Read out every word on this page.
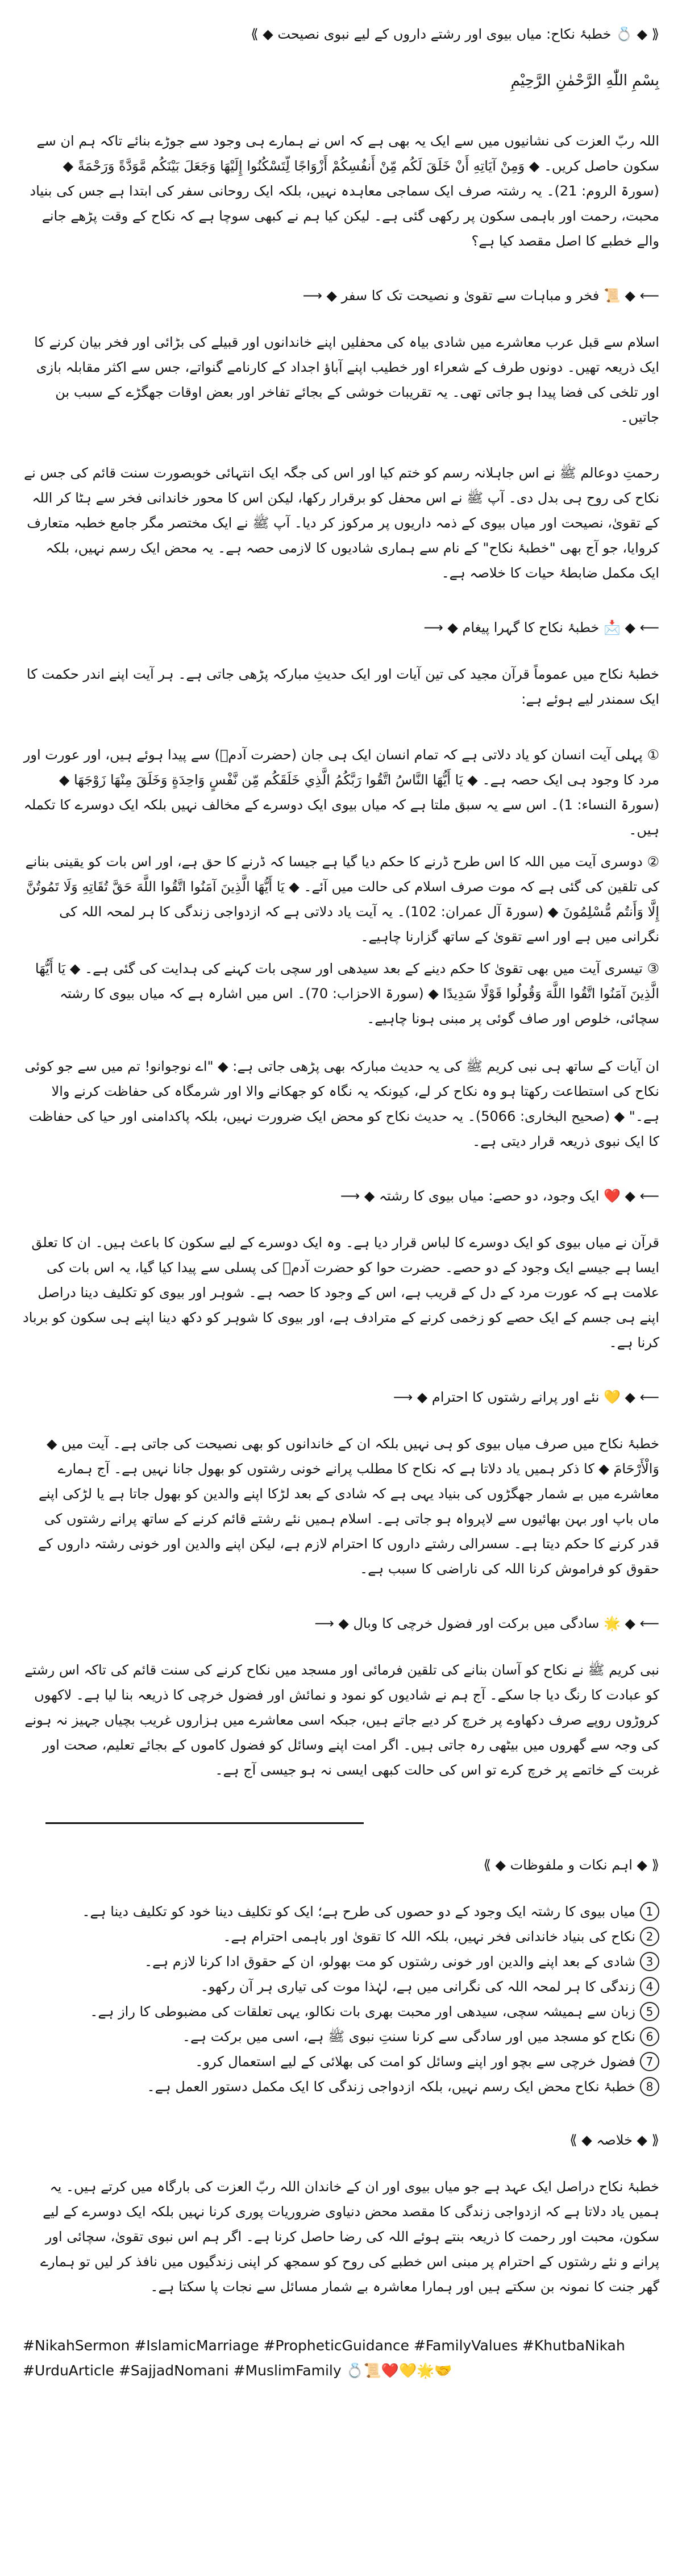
⟪ ◆ 💍 خطبۂ نکاح: میاں بیوی اور رشتے داروں کے لیے نبوی نصیحت ◆ ⟫

بِسْمِ اللّٰهِ الرَّحْمٰنِ الرَّحِيْمِ

اللہ ربّ العزت کی نشانیوں میں سے ایک یہ بھی ہے کہ اس نے ہمارے ہی وجود سے جوڑے بنائے تاکہ ہم ان سے سکون حاصل کریں۔ ◆ وَمِنْ آيَاتِهِ أَنْ خَلَقَ لَكُم مِّنْ أَنفُسِكُمْ أَزْوَاجًا لِّتَسْكُنُوا إِلَيْهَا وَجَعَلَ بَيْنَكُم مَّوَدَّةً وَرَحْمَةً ◆ (سورۃ الروم: 21)۔ یہ رشتہ صرف ایک سماجی معاہدہ نہیں، بلکہ ایک روحانی سفر کی ابتدا ہے جس کی بنیاد محبت، رحمت اور باہمی سکون پر رکھی گئی ہے۔ لیکن کیا ہم نے کبھی سوچا ہے کہ نکاح کے وقت پڑھے جانے والے خطبے کا اصل مقصد کیا ہے؟

⟵ ◆ 📜 فخر و مباہات سے تقویٰ و نصیحت تک کا سفر ◆ ⟶

اسلام سے قبل عرب معاشرے میں شادی بیاہ کی محفلیں اپنے خاندانوں اور قبیلے کی بڑائی اور فخر بیان کرنے کا ایک ذریعہ تھیں۔ دونوں طرف کے شعراء اور خطیب اپنے آباؤ اجداد کے کارنامے گنواتے، جس سے اکثر مقابلہ بازی اور تلخی کی فضا پیدا ہو جاتی تھی۔ یہ تقریبات خوشی کے بجائے تفاخر اور بعض اوقات جھگڑے کے سبب بن جاتیں۔

رحمتِ دوعالم ﷺ نے اس جاہلانہ رسم کو ختم کیا اور اس کی جگہ ایک انتہائی خوبصورت سنت قائم کی جس نے نکاح کی روح ہی بدل دی۔ آپ ﷺ نے اس محفل کو برقرار رکھا، لیکن اس کا محور خاندانی فخر سے ہٹا کر اللہ کے تقویٰ، نصیحت اور میاں بیوی کے ذمہ داریوں پر مرکوز کر دیا۔ آپ ﷺ نے ایک مختصر مگر جامع خطبہ متعارف کروایا، جو آج بھی "خطبۂ نکاح" کے نام سے ہماری شادیوں کا لازمی حصہ ہے۔ یہ محض ایک رسم نہیں، بلکہ ایک مکمل ضابطۂ حیات کا خلاصہ ہے۔

⟵ ◆ 📩 خطبۂ نکاح کا گہرا پیغام ◆ ⟶

خطبۂ نکاح میں عموماً قرآن مجید کی تین آیات اور ایک حدیثِ مبارکہ پڑھی جاتی ہے۔ ہر آیت اپنے اندر حکمت کا ایک سمندر لیے ہوئے ہے:

① پہلی آیت انسان کو یاد دلاتی ہے کہ تمام انسان ایک ہی جان (حضرت آدمؑ) سے پیدا ہوئے ہیں، اور عورت اور مرد کا وجود ہی ایک حصہ ہے۔ ◆ يَا أَيُّهَا النَّاسُ اتَّقُوا رَبَّكُمُ الَّذِي خَلَقَكُم مِّن نَّفْسٍ وَاحِدَةٍ وَخَلَقَ مِنْهَا زَوْجَهَا ◆ (سورۃ النساء: 1)۔ اس سے یہ سبق ملتا ہے کہ میاں بیوی ایک دوسرے کے مخالف نہیں بلکہ ایک دوسرے کا تکملہ ہیں۔

② دوسری آیت میں اللہ کا اس طرح ڈرنے کا حکم دیا گیا ہے جیسا کہ ڈرنے کا حق ہے، اور اس بات کو یقینی بنانے کی تلقین کی گئی ہے کہ موت صرف اسلام کی حالت میں آئے۔ ◆ يَا أَيُّهَا الَّذِينَ آمَنُوا اتَّقُوا اللَّهَ حَقَّ تُقَاتِهِ وَلَا تَمُوتُنَّ إِلَّا وَأَنتُم مُّسْلِمُونَ ◆ (سورۃ آل عمران: 102)۔ یہ آیت یاد دلاتی ہے کہ ازدواجی زندگی کا ہر لمحہ اللہ کی نگرانی میں ہے اور اسے تقویٰ کے ساتھ گزارنا چاہیے۔

③ تیسری آیت میں بھی تقویٰ کا حکم دینے کے بعد سیدھی اور سچی بات کہنے کی ہدایت کی گئی ہے۔ ◆ يَا أَيُّهَا الَّذِينَ آمَنُوا اتَّقُوا اللَّهَ وَقُولُوا قَوْلًا سَدِيدًا ◆ (سورۃ الاحزاب: 70)۔ اس میں اشارہ ہے کہ میاں بیوی کا رشتہ سچائی، خلوص اور صاف گوئی پر مبنی ہونا چاہیے۔

ان آیات کے ساتھ ہی نبی کریم ﷺ کی یہ حدیث مبارکہ بھی پڑھی جاتی ہے: ◆ "اے نوجوانو! تم میں سے جو کوئی نکاح کی استطاعت رکھتا ہو وہ نکاح کر لے، کیونکہ یہ نگاہ کو جھکانے والا اور شرمگاہ کی حفاظت کرنے والا ہے۔" ◆ (صحیح البخاری: 5066)۔ یہ حدیث نکاح کو محض ایک ضرورت نہیں، بلکہ پاکدامنی اور حیا کی حفاظت کا ایک نبوی ذریعہ قرار دیتی ہے۔

⟵ ◆ ❤️ ایک وجود، دو حصے: میاں بیوی کا رشتہ ◆ ⟶

قرآن نے میاں بیوی کو ایک دوسرے کا لباس قرار دیا ہے۔ وہ ایک دوسرے کے لیے سکون کا باعث ہیں۔ ان کا تعلق ایسا ہے جیسے ایک وجود کے دو حصے۔ حضرت حوا کو حضرت آدمؑ کی پسلی سے پیدا کیا گیا، یہ اس بات کی علامت ہے کہ عورت مرد کے دل کے قریب ہے، اس کے وجود کا حصہ ہے۔ شوہر اور بیوی کو تکلیف دینا دراصل اپنے ہی جسم کے ایک حصے کو زخمی کرنے کے مترادف ہے، اور بیوی کا شوہر کو دکھ دینا اپنے ہی سکون کو برباد کرنا ہے۔

⟵ ◆ 💛 نئے اور پرانے رشتوں کا احترام ◆ ⟶

خطبۂ نکاح میں صرف میاں بیوی کو ہی نہیں بلکہ ان کے خاندانوں کو بھی نصیحت کی جاتی ہے۔ آیت میں ◆ وَالْأَرْحَامَ ◆ کا ذکر ہمیں یاد دلاتا ہے کہ نکاح کا مطلب پرانے خونی رشتوں کو بھول جانا نہیں ہے۔ آج ہمارے معاشرے میں بے شمار جھگڑوں کی بنیاد یہی ہے کہ شادی کے بعد لڑکا اپنے والدین کو بھول جاتا ہے یا لڑکی اپنے ماں باپ اور بہن بھائیوں سے لاپرواہ ہو جاتی ہے۔ اسلام ہمیں نئے رشتے قائم کرنے کے ساتھ پرانے رشتوں کی قدر کرنے کا حکم دیتا ہے۔ سسرالی رشتے داروں کا احترام لازم ہے، لیکن اپنے والدین اور خونی رشتہ داروں کے حقوق کو فراموش کرنا اللہ کی ناراضی کا سبب ہے۔

⟵ ◆ 🌟 سادگی میں برکت اور فضول خرچی کا وبال ◆ ⟶

نبی کریم ﷺ نے نکاح کو آسان بنانے کی تلقین فرمائی اور مسجد میں نکاح کرنے کی سنت قائم کی تاکہ اس رشتے کو عبادت کا رنگ دیا جا سکے۔ آج ہم نے شادیوں کو نمود و نمائش اور فضول خرچی کا ذریعہ بنا لیا ہے۔ لاکھوں کروڑوں روپے صرف دکھاوے پر خرچ کر دیے جاتے ہیں، جبکہ اسی معاشرے میں ہزاروں غریب بچیاں جہیز نہ ہونے کی وجہ سے گھروں میں بیٹھی رہ جاتی ہیں۔ اگر امت اپنے وسائل کو فضول کاموں کے بجائے تعلیم، صحت اور غربت کے خاتمے پر خرچ کرے تو اس کی حالت کبھی ایسی نہ ہو جیسی آج ہے۔

⟪ ◆ اہم نکات و ملفوظات ◆ ⟫

1
میاں بیوی کا رشتہ ایک وجود کے دو حصوں کی طرح ہے؛ ایک کو تکلیف دینا خود کو تکلیف دینا ہے۔
2
نکاح کی بنیاد خاندانی فخر نہیں، بلکہ اللہ کا تقویٰ اور باہمی احترام ہے۔
3
شادی کے بعد اپنے والدین اور خونی رشتوں کو مت بھولو، ان کے حقوق ادا کرنا لازم ہے۔
4
زندگی کا ہر لمحہ اللہ کی نگرانی میں ہے، لہٰذا موت کی تیاری ہر آن رکھو۔
5
زبان سے ہمیشہ سچی، سیدھی اور محبت بھری بات نکالو، یہی تعلقات کی مضبوطی کا راز ہے۔
6
نکاح کو مسجد میں اور سادگی سے کرنا سنتِ نبوی ﷺ ہے، اسی میں برکت ہے۔
7
فضول خرچی سے بچو اور اپنے وسائل کو امت کی بھلائی کے لیے استعمال کرو۔
8
خطبۂ نکاح محض ایک رسم نہیں، بلکہ ازدواجی زندگی کا ایک مکمل دستور العمل ہے۔

⟪ ◆ خلاصہ ◆ ⟫

خطبۂ نکاح دراصل ایک عہد ہے جو میاں بیوی اور ان کے خاندان اللہ ربّ العزت کی بارگاہ میں کرتے ہیں۔ یہ ہمیں یاد دلاتا ہے کہ ازدواجی زندگی کا مقصد محض دنیاوی ضروریات پوری کرنا نہیں بلکہ ایک دوسرے کے لیے سکون، محبت اور رحمت کا ذریعہ بنتے ہوئے اللہ کی رضا حاصل کرنا ہے۔ اگر ہم اس نبوی تقویٰ، سچائی اور پرانے و نئے رشتوں کے احترام پر مبنی اس خطبے کی روح کو سمجھ کر اپنی زندگیوں میں نافذ کر لیں تو ہمارے گھر جنت کا نمونہ بن سکتے ہیں اور ہمارا معاشرہ بے شمار مسائل سے نجات پا سکتا ہے۔

#NikahSermon #IslamicMarriage #PropheticGuidance #FamilyValues #KhutbaNikah
#UrduArticle #SajjadNomani #MuslimFamily 💍📜❤️💛🌟🤝
